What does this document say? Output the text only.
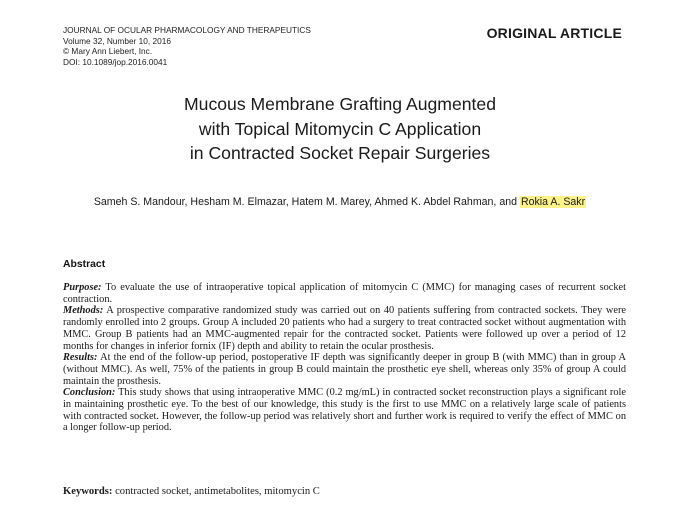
JOURNAL OF OCULAR PHARMACOLOGY AND THERAPEUTICS
Volume 32, Number 10, 2016
© Mary Ann Liebert, Inc.
DOI: 10.1089/jop.2016.0041
ORIGINAL ARTICLE
Mucous Membrane Grafting Augmented
with Topical Mitomycin C Application
in Contracted Socket Repair Surgeries
Sameh S. Mandour, Hesham M. Elmazar, Hatem M. Marey, Ahmed K. Abdel Rahman, and Rokia A. Sakr
Abstract

Purpose: To evaluate the use of intraoperative topical application of mitomycin C (MMC) for managing cases of recurrent socket contraction.

Methods: A prospective comparative randomized study was carried out on 40 patients suffering from contracted sockets. They were randomly enrolled into 2 groups. Group A included 20 patients who had a surgery to treat contracted socket without augmentation with MMC. Group B patients had an MMC-augmented repair for the contracted socket. Patients were followed up over a period of 12 months for changes in inferior fornix (IF) depth and ability to retain the ocular prosthesis.

Results: At the end of the follow-up period, postoperative IF depth was significantly deeper in group B (with MMC) than in group A (without MMC). As well, 75% of the patients in group B could maintain the prosthetic eye shell, whereas only 35% of group A could maintain the prosthesis.

Conclusion: This study shows that using intraoperative MMC (0.2 mg/mL) in contracted socket reconstruction plays a significant role in maintaining prosthetic eye. To the best of our knowledge, this study is the first to use MMC on a relatively large scale of patients with contracted socket. However, the follow-up period was relatively short and further work is required to verify the effect of MMC on a longer follow-up period.

Keywords: contracted socket, antimetabolites, mitomycin C
